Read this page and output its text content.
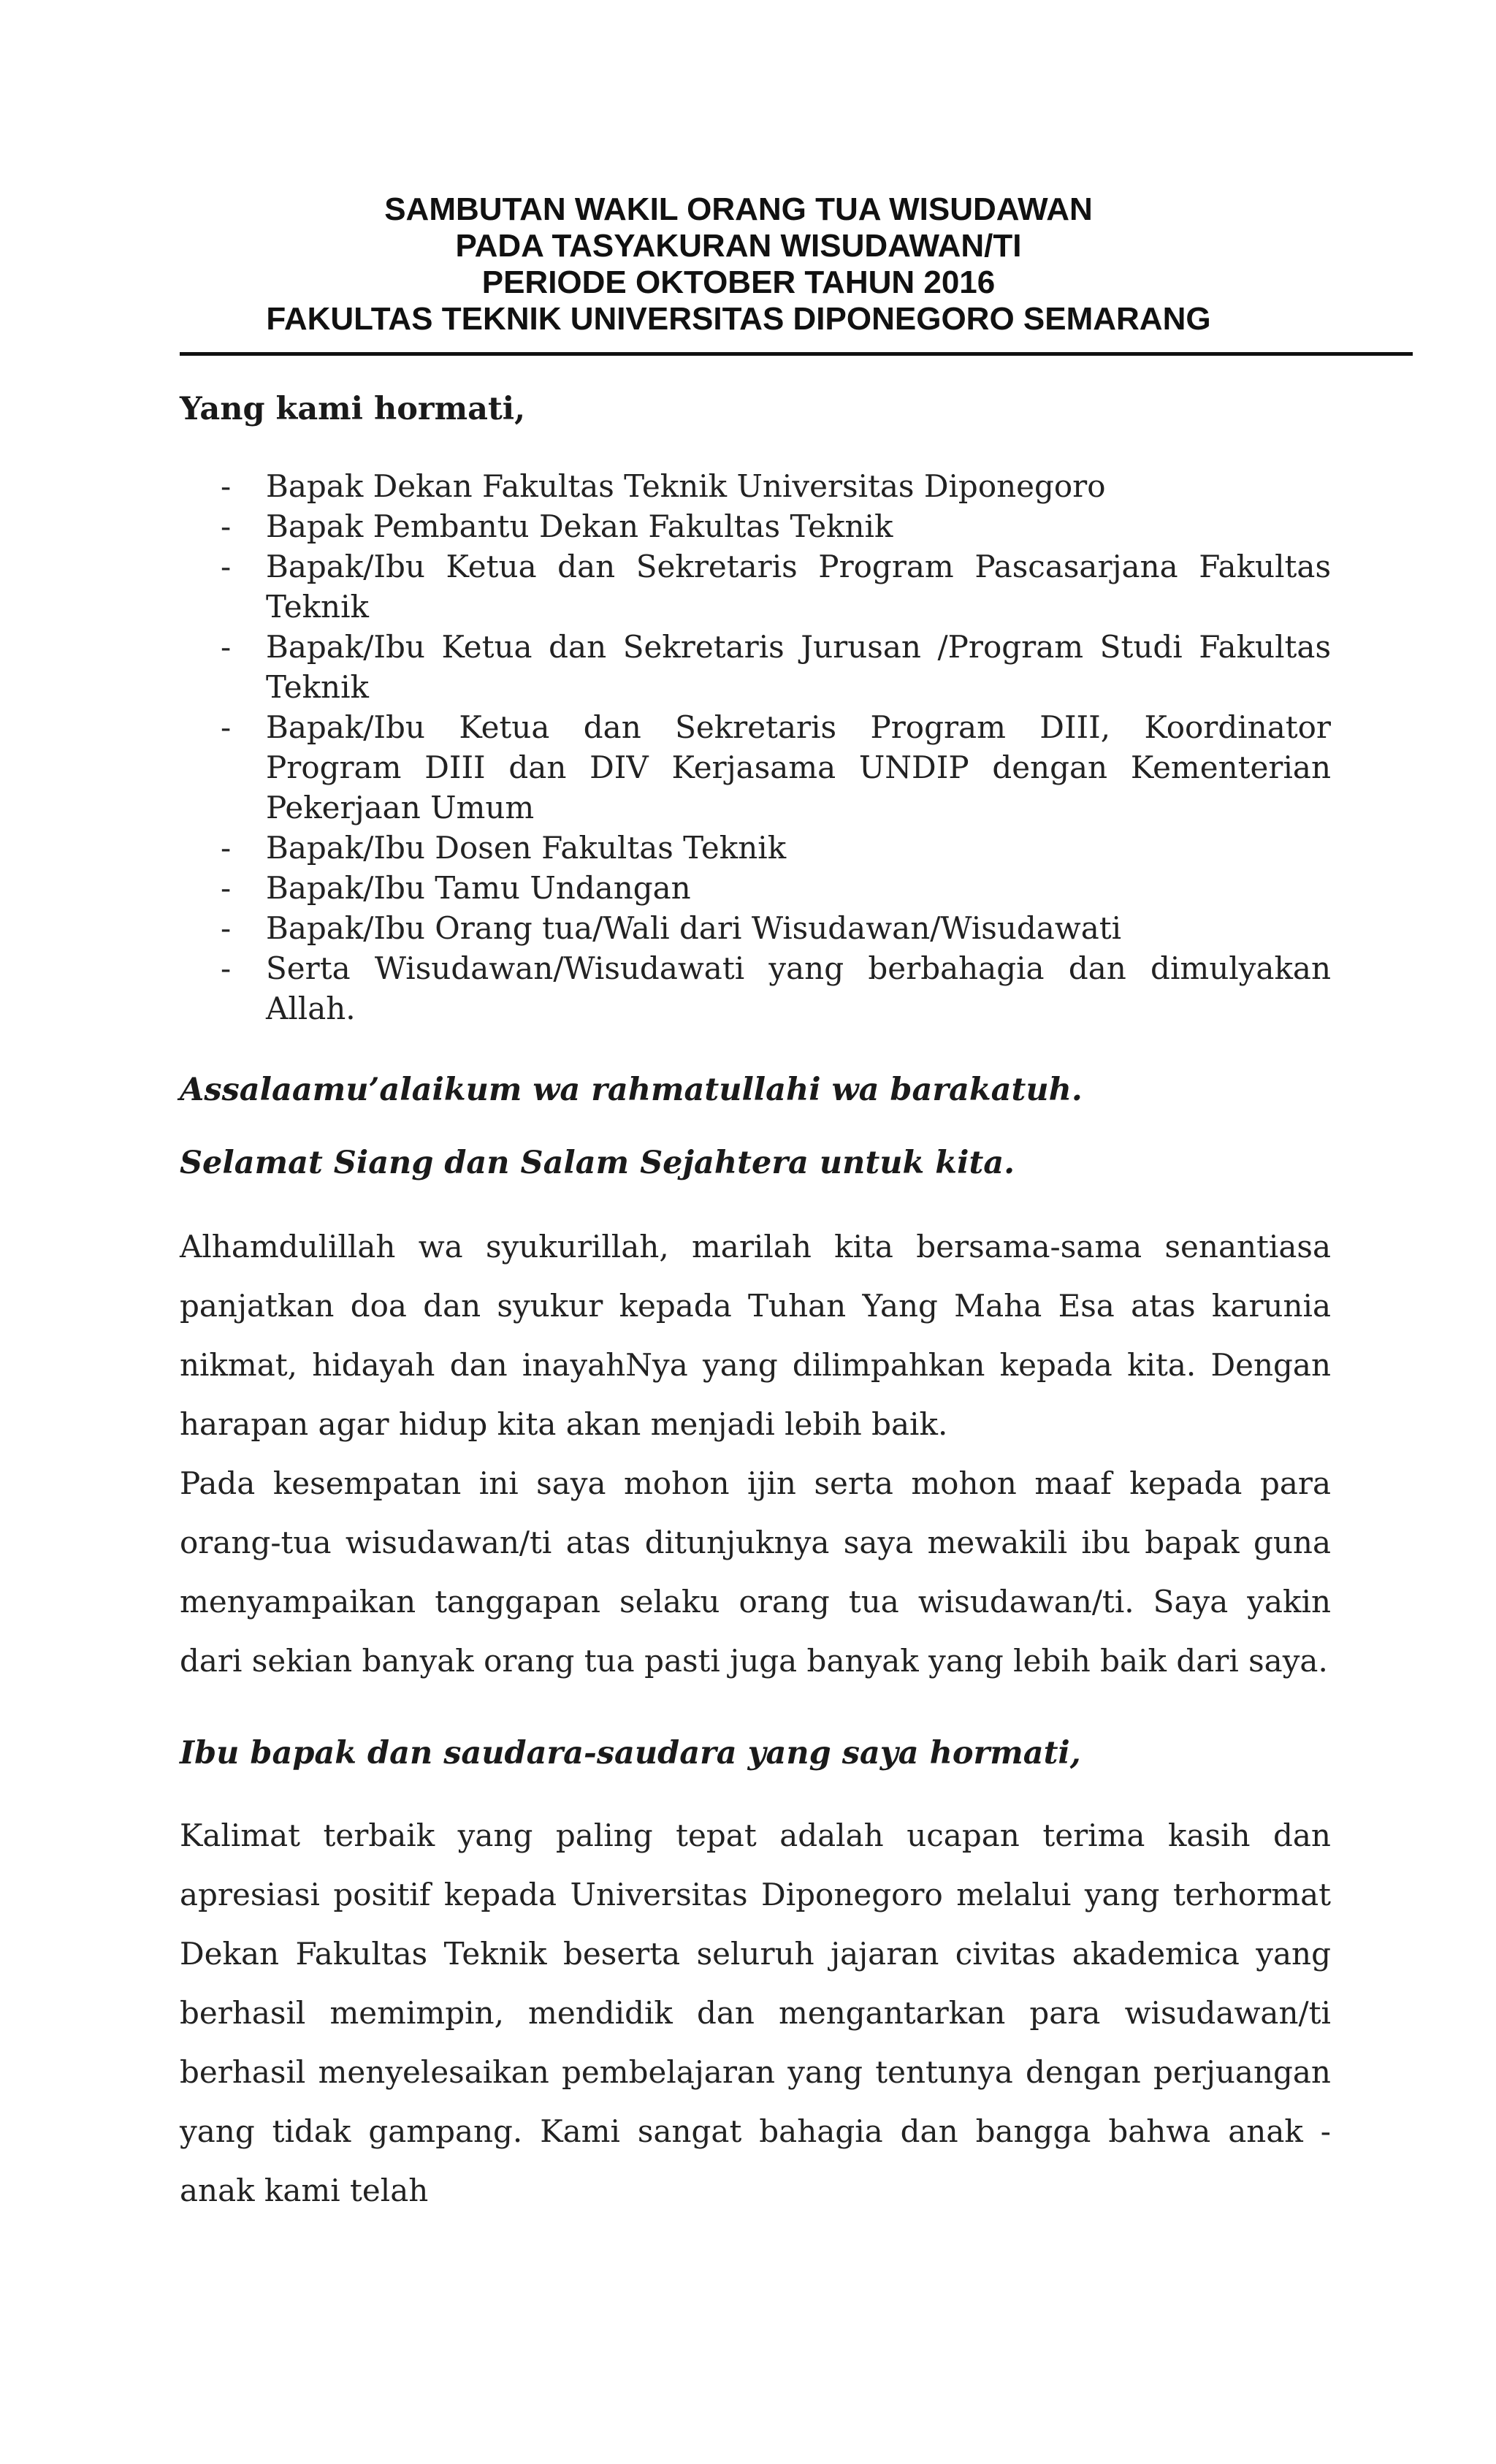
SAMBUTAN WAKIL ORANG TUA WISUDAWAN
PADA TASYAKURAN WISUDAWAN/TI
PERIODE OKTOBER TAHUN 2016
FAKULTAS TEKNIK UNIVERSITAS DIPONEGORO SEMARANG
Yang kami hormati,
- Bapak Dekan Fakultas Teknik Universitas Diponegoro
- Bapak Pembantu Dekan Fakultas Teknik
- Bapak/Ibu Ketua dan Sekretaris Program Pascasarjana Fakultas Teknik
- Bapak/Ibu Ketua dan Sekretaris Jurusan /Program Studi Fakultas Teknik
- Bapak/Ibu Ketua dan Sekretaris Program DIII, Koordinator Program DIII dan DIV Kerjasama UNDIP dengan Kementerian Pekerjaan Umum
- Bapak/Ibu Dosen Fakultas Teknik
- Bapak/Ibu Tamu Undangan
- Bapak/Ibu Orang tua/Wali dari Wisudawan/Wisudawati
- Serta Wisudawan/Wisudawati yang berbahagia dan dimulyakan Allah.
Assalaamu’alaikum wa rahmatullahi wa barakatuh.
Selamat Siang dan Salam Sejahtera untuk kita.

Alhamdulillah wa syukurillah, marilah kita bersama-sama senantiasa panjatkan doa dan syukur kepada Tuhan Yang Maha Esa atas karunia nikmat, hidayah dan inayahNya yang dilimpahkan kepada kita. Dengan harapan agar hidup kita akan menjadi lebih baik.

Pada kesempatan ini saya mohon ijin serta mohon maaf kepada para orang-tua wisudawan/ti atas ditunjuknya saya mewakili ibu bapak guna menyampaikan tanggapan selaku orang tua wisudawan/ti. Saya yakin dari sekian banyak orang tua pasti juga banyak yang lebih baik dari saya.

Ibu bapak dan saudara-saudara yang saya hormati,

Kalimat terbaik yang paling tepat adalah ucapan terima kasih dan apresiasi positif kepada Universitas Diponegoro melalui yang terhormat Dekan Fakultas Teknik beserta seluruh jajaran civitas akademica yang berhasil memimpin, mendidik dan mengantarkan para wisudawan/ti berhasil menyelesaikan pembelajaran yang tentunya dengan perjuangan yang tidak gampang. Kami sangat bahagia dan bangga bahwa anak - anak kami telah
